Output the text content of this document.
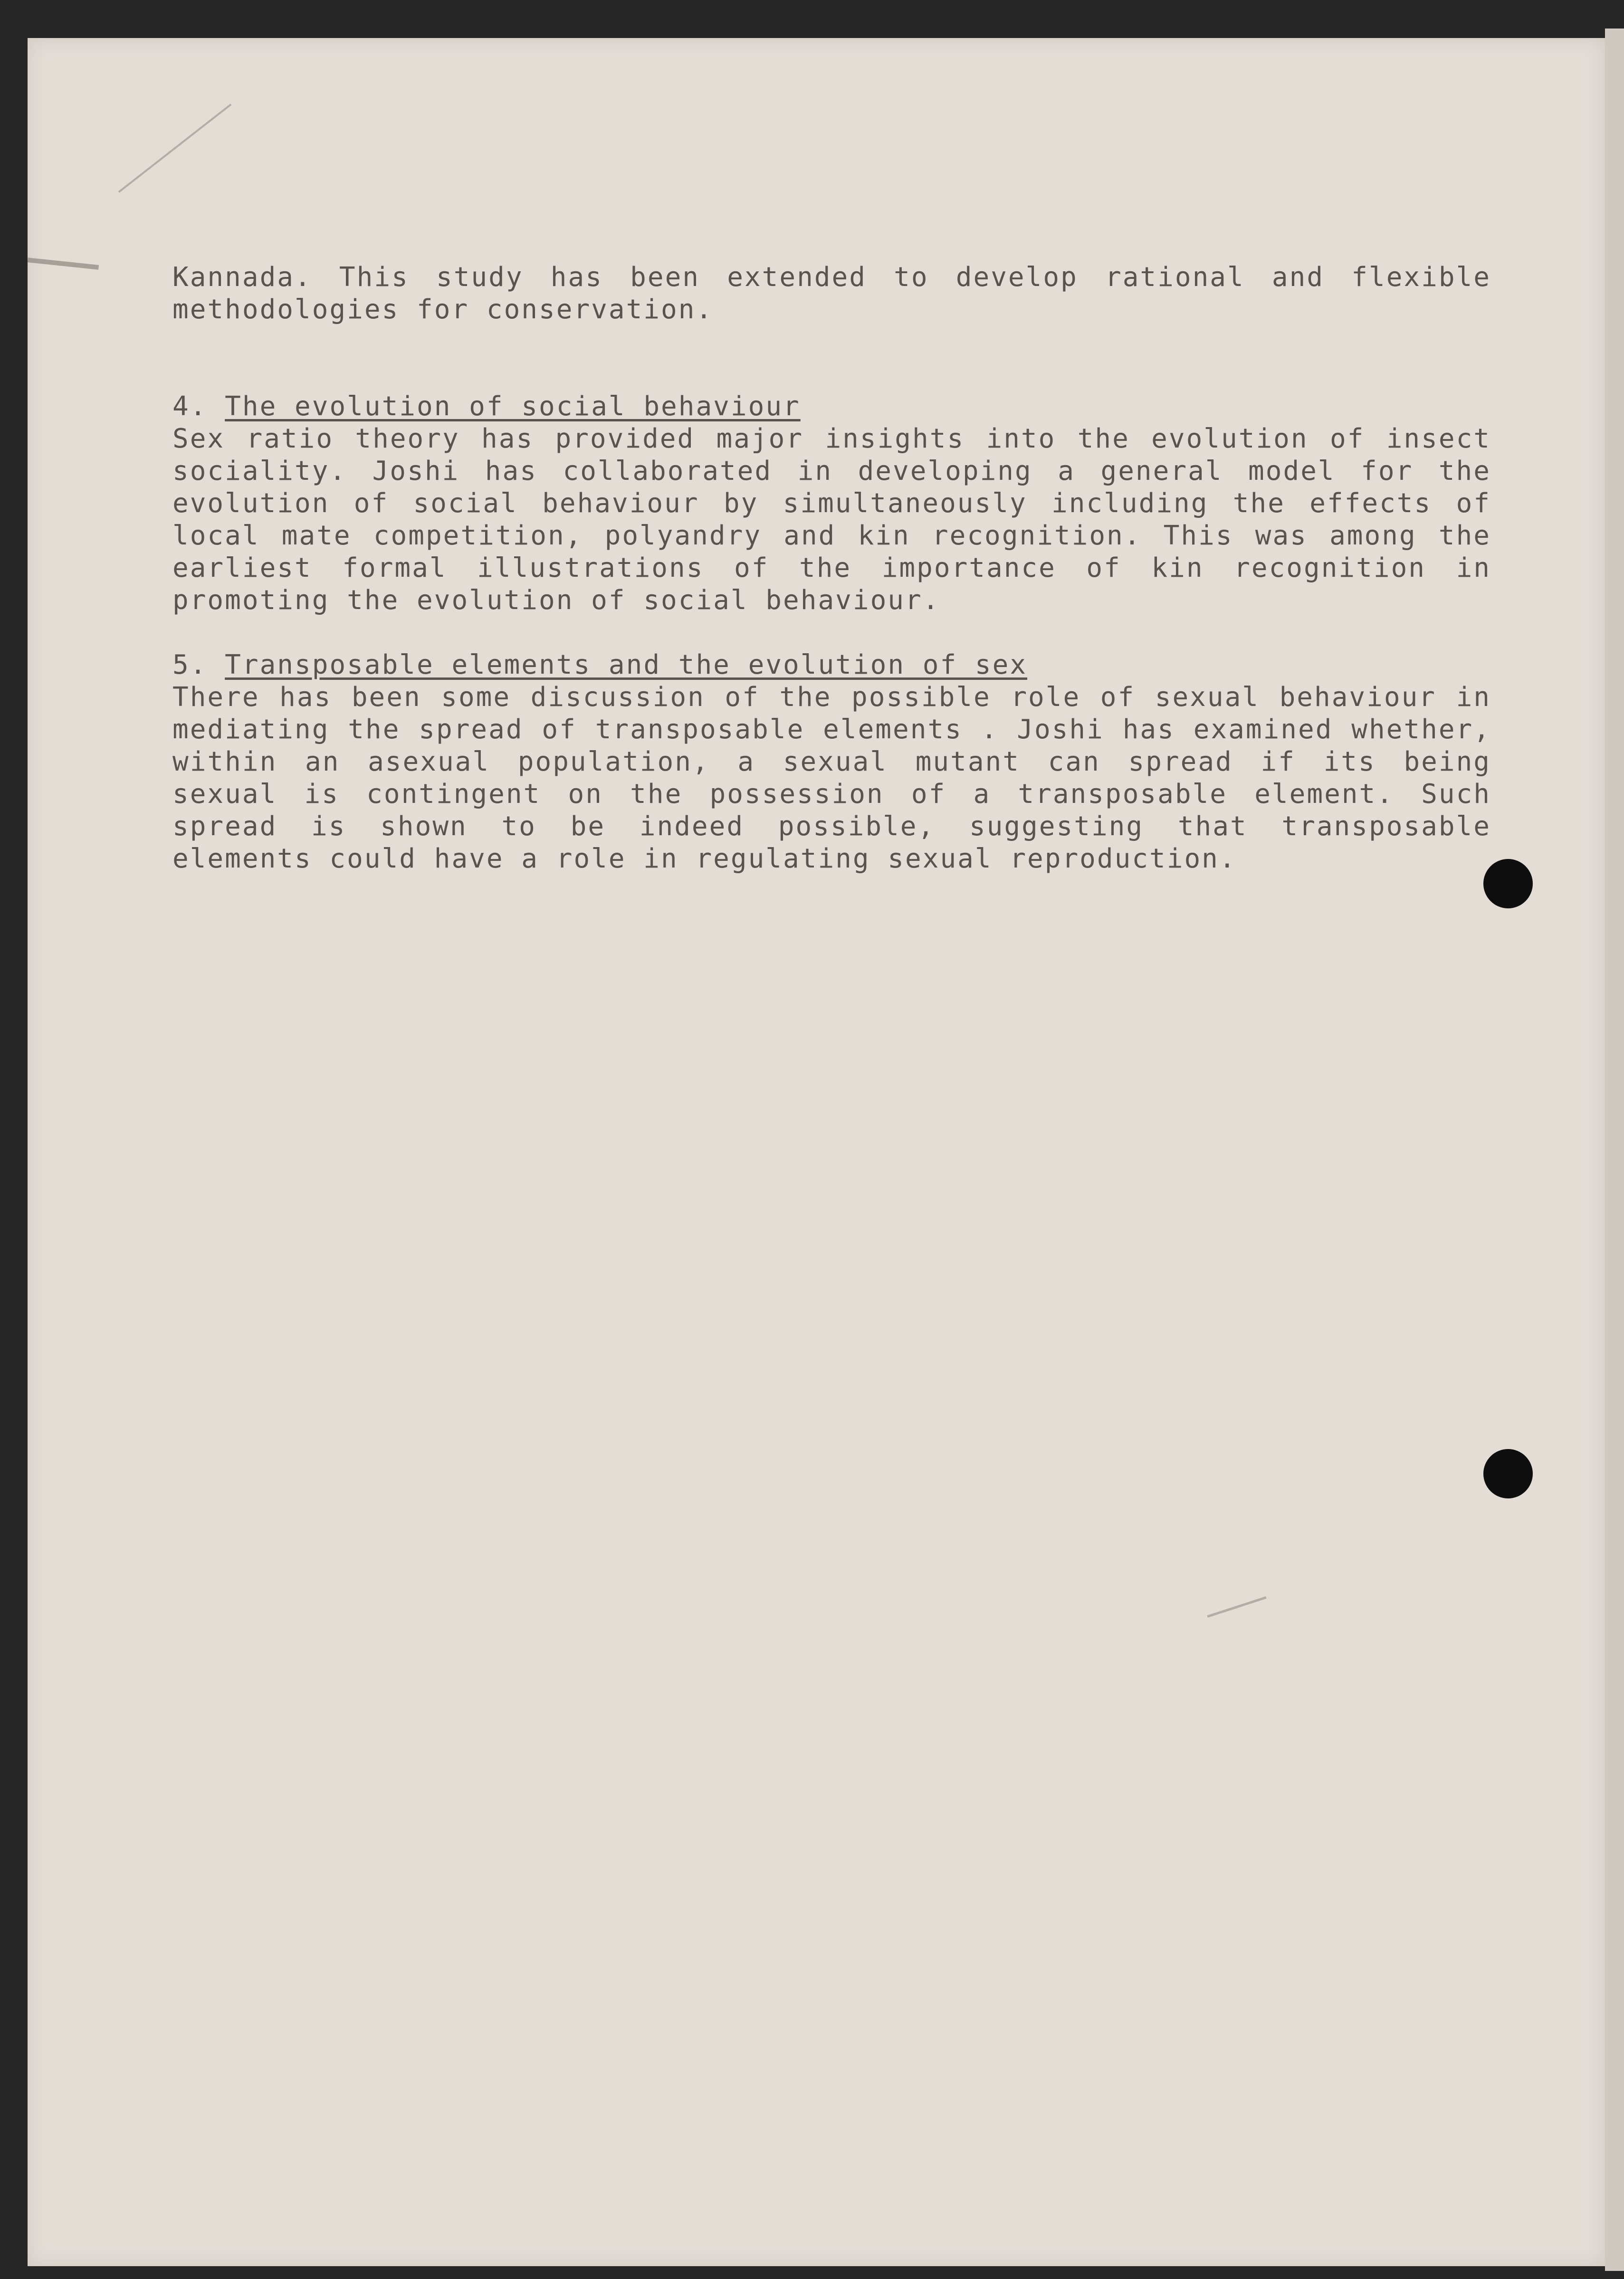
Kannada. This study has been extended to develop rational and flexible methodologies for conservation.

4. The evolution of social behaviour

Sex ratio theory has provided major insights into the evolution of insect sociality. Joshi has collaborated in developing a general model for the evolution of social behaviour by simultaneously including the effects of local mate competition, polyandry and kin recognition. This was among the earliest formal illustrations of the importance of kin recognition in promoting the evolution of social behaviour.

5. Transposable elements and the evolution of sex

There has been some discussion of the possible role of sexual behaviour in mediating the spread of transposable elements . Joshi has examined whether, within an asexual population, a sexual mutant can spread if its being sexual is contingent on the possession of a transposable element. Such spread is shown to be indeed possible, suggesting that transposable elements could have a role in regulating sexual reproduction.
